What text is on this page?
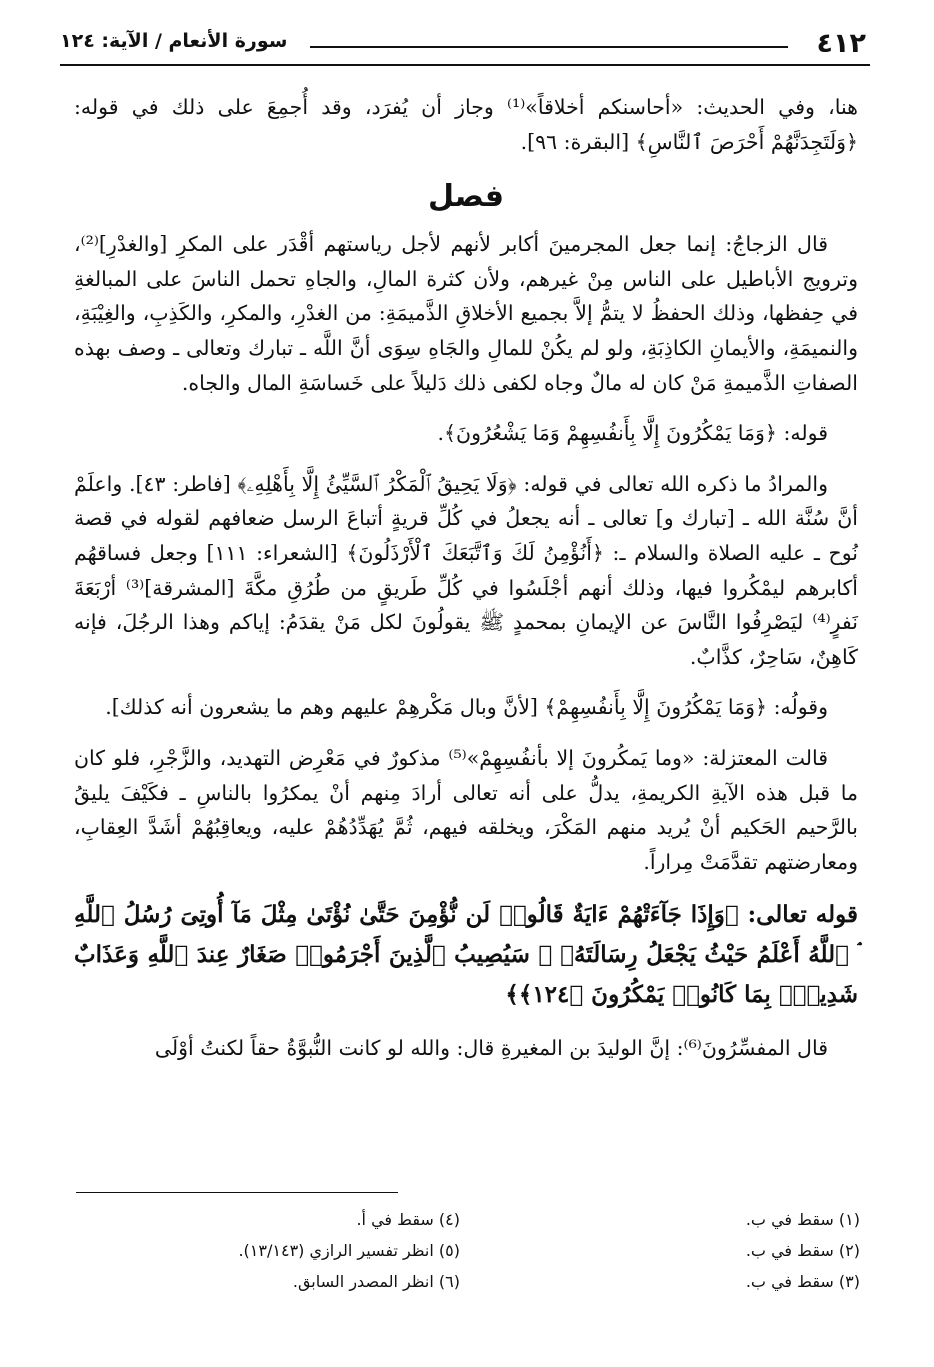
٤١٢
سورة الأنعام / الآية: ١٢٤

هنا، وفي الحديث: «أحاسنكم أخلاقاً»⁽¹⁾ وجاز أن يُفرَد، وقد أُجمِعَ على ذلك في قوله: ﴿وَلَتَجِدَنَّهُمْ أَحْرَصَ ٱلنَّاسِ﴾ [البقرة: ٩٦].

فصل

قال الزجاجُ: إنما جعل المجرمينَ أكابر لأنهم لأجل رياستهم أقْدَر على المكرِ [والغدْرِ]⁽²⁾، وترويج الأباطيل على الناس مِنْ غيرهم، ولأن كثرة المالِ، والجاهِ تحمل الناسَ على المبالغةِ في حِفظها، وذلك الحفظُ لا يتمُّ إلاَّ بجميع الأخلاقِ الذَّميمَةِ: من الغدْرِ، والمكرِ، والكَذِبِ، والغِيْبَةِ، والنميمَةِ، والأيمانِ الكاذِبَةِ، ولو لم يكُنْ للمالِ والجَاهِ سِوَى أنَّ اللَّه ـ تبارك وتعالى ـ وصف بهذه الصفاتِ الذَّميمةِ مَنْ كان له مالٌ وجاه لكفى ذلك دَليلاً على خَساسَةِ المال والجاه.

قوله: ﴿وَمَا يَمْكُرُونَ إِلَّا بِأَنفُسِهِمْ وَمَا يَشْعُرُونَ﴾.

والمرادُ ما ذكره الله تعالى في قوله: ﴿وَلَا يَحِيقُ ٱلْمَكْرُ ٱلسَّيِّئُ إِلَّا بِأَهْلِهِۦ﴾ [فاطر: ٤٣]. واعلَمْ أنَّ سُنَّة الله ـ [تبارك و] تعالى ـ أنه يجعلُ في كُلِّ قريةٍ أتباعَ الرسل ضعافهم لقوله في قصة نُوح ـ عليه الصلاة والسلام ـ: ﴿أَنُؤْمِنُ لَكَ وَٱتَّبَعَكَ ٱلْأَرْذَلُونَ﴾ [الشعراء: ١١١] وجعل فساقهُم أكابرهم ليمْكُروا فيها، وذلك أنهم أجْلَسُوا في كُلِّ طَريقٍ من طُرُقِ مكَّةَ [المشرقة]⁽³⁾ أرْبَعَةَ نَفرٍ⁽⁴⁾ ليَصْرِفُوا النَّاسَ عن الإيمانِ بمحمدٍ ﷺ يقولُونَ لكل مَنْ يقدَمُ: إياكم وهذا الرجُلَ، فإنه كَاهِنٌ، سَاحِرٌ، كذَّابٌ.

وقولُه: ﴿وَمَا يَمْكُرُونَ إِلَّا بِأَنفُسِهِمْ﴾ [لأنَّ وبال مَكْرهِمْ عليهم وهم ما يشعرون أنه كذلك].

قالت المعتزلة: «وما يَمكُرونَ إلا بأنفُسِهِمْ»⁽⁵⁾ مذكورٌ في مَعْرِض التهديد، والزَّجْرِ، فلو كان ما قبل هذه الآيةِ الكريمةِ، يدلُّ على أنه تعالى أرادَ مِنهم أنْ يمكرُوا بالناسِ ـ فكَيْفَ يليقُ بالرَّحيم الحَكيم أنْ يُريد منهم المَكْرَ، ويخلقه فيهم، ثُمَّ يُهَدِّدُهُمْ عليه، ويعاقِبُهُمْ أشَدَّ العِقابِ، ومعارضتهم تقدَّمَتْ مِراراً.

قوله تعالى: ﴿وَإِذَا جَآءَتْهُمْ ءَايَةٌ قَالُوا۟ لَن نُّؤْمِنَ حَتَّىٰ نُؤْتَىٰ مِثْلَ مَآ أُوتِىَ رُسُلُ ٱللَّهِ ۘ ٱللَّهُ أَعْلَمُ حَيْثُ يَجْعَلُ رِسَالَتَهُۥ ۗ سَيُصِيبُ ٱلَّذِينَ أَجْرَمُوا۟ صَغَارٌ عِندَ ٱللَّهِ وَعَذَابٌ شَدِيدٌۢ بِمَا كَانُوا۟ يَمْكُرُونَ ﴿١٢٤﴾﴾

قال المفسِّرُونَ⁽⁶⁾: إنَّ الوليدَ بن المغيرةِ قال: والله لو كانت النُّبوَّةُ حقاً لكنتُ أوْلَى

(١) سقط في ب.
(٢) سقط في ب.
(٣) سقط في ب.
(٤) سقط في أ.
(٥) انظر تفسير الرازي (١٣/١٤٣).
(٦) انظر المصدر السابق.
